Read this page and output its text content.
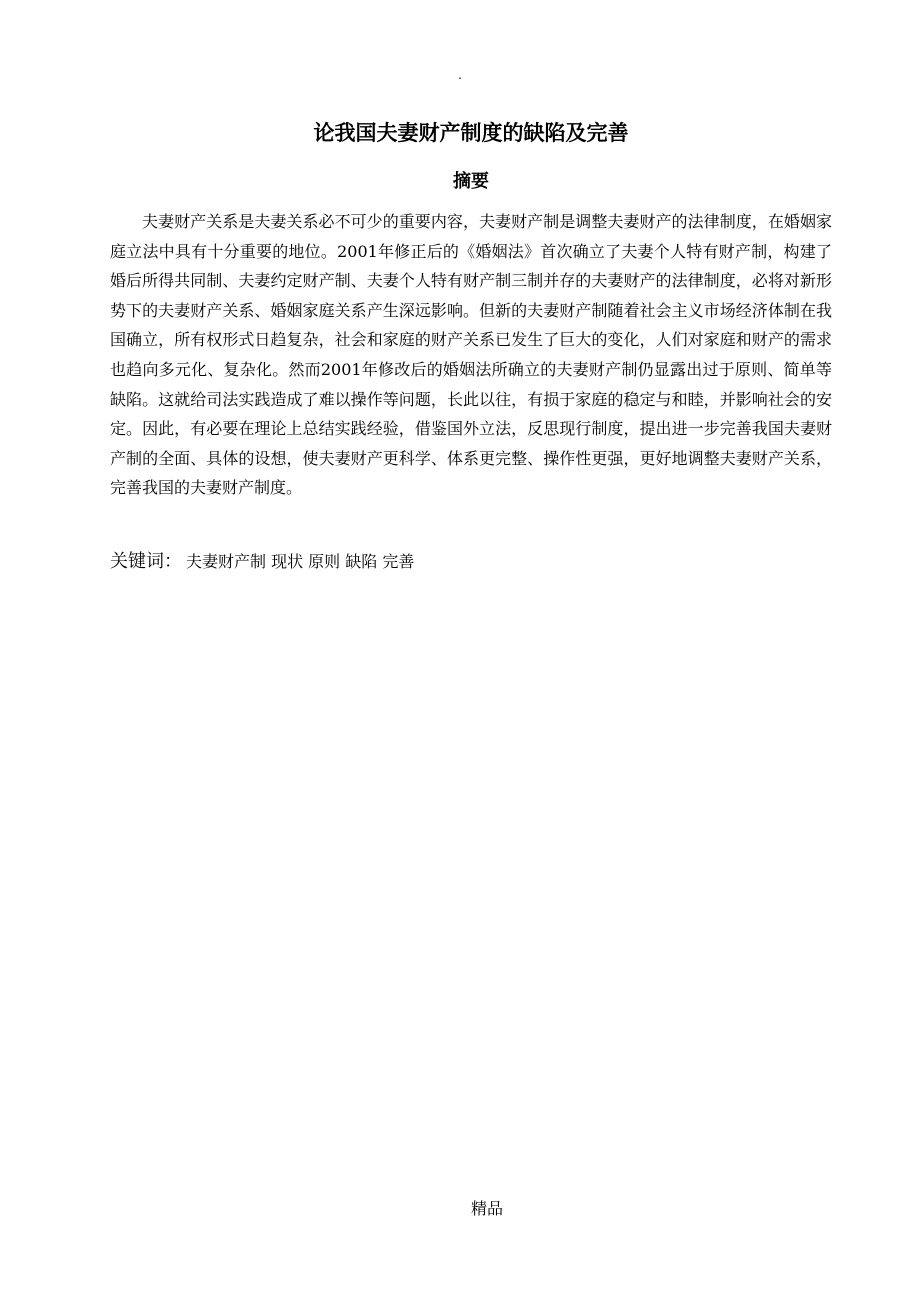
.
论我国夫妻财产制度的缺陷及完善
摘要

夫妻财产关系是夫妻关系必不可少的重要内容，夫妻财产制是调整夫妻财产的法律制度，在婚姻家庭立法中具有十分重要的地位。2001年修正后的《婚姻法》首次确立了夫妻个人特有财产制，构建了婚后所得共同制、夫妻约定财产制、夫妻个人特有财产制三制并存的夫妻财产的法律制度，必将对新形势下的夫妻财产关系、婚姻家庭关系产生深远影响。但新的夫妻财产制随着社会主义市场经济体制在我国确立，所有权形式日趋复杂，社会和家庭的财产关系已发生了巨大的变化，人们对家庭和财产的需求也趋向多元化、复杂化。然而2001年修改后的婚姻法所确立的夫妻财产制仍显露出过于原则、简单等缺陷。这就给司法实践造成了难以操作等问题，长此以往，有损于家庭的稳定与和睦，并影响社会的安定。因此，有必要在理论上总结实践经验，借鉴国外立法，反思现行制度，提出进一步完善我国夫妻财产制的全面、具体的设想，使夫妻财产更科学、体系更完整、操作性更强，更好地调整夫妻财产关系，完善我国的夫妻财产制度。

关键词： 夫妻财产制 现状 原则 缺陷 完善

精品
